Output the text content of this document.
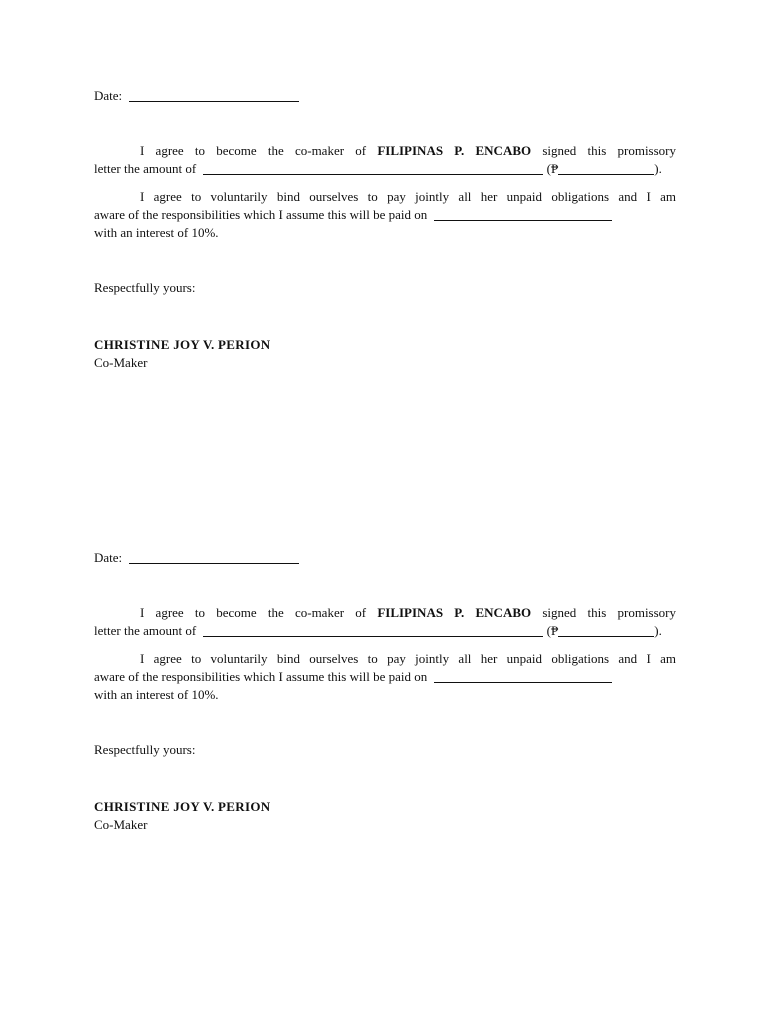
Date:
I agree to become the co-maker of FILIPINAS P. ENCABO signed this promissory
letter the amount of	(₱	).
I agree to voluntarily bind ourselves to pay jointly all her unpaid obligations and I am
aware of the responsibilities which I assume this will be paid on
with an interest of 10%.
Respectfully yours:
CHRISTINE JOY V. PERION
Co-Maker
Date:
I agree to become the co-maker of FILIPINAS P. ENCABO signed this promissory
letter the amount of	(₱	).
I agree to voluntarily bind ourselves to pay jointly all her unpaid obligations and I am
aware of the responsibilities which I assume this will be paid on
with an interest of 10%.
Respectfully yours:
CHRISTINE JOY V. PERION
Co-Maker
